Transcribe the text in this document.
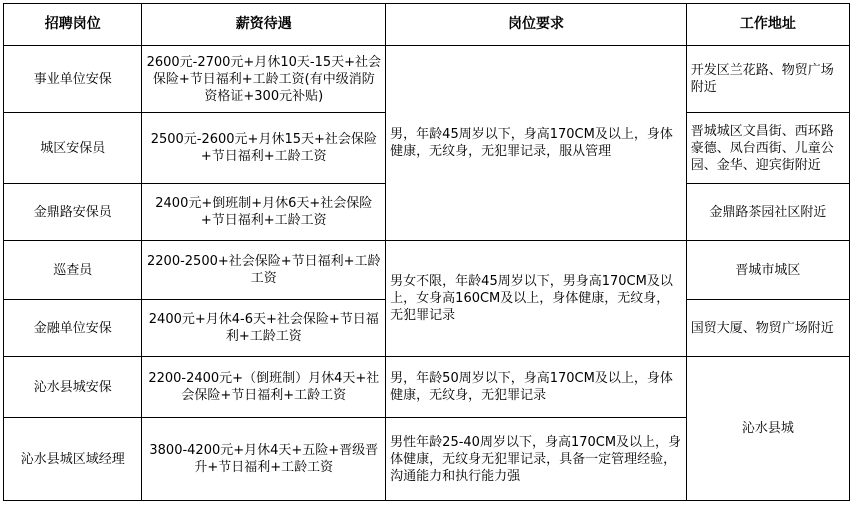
招聘岗位	薪资待遇	岗位要求	工作地址
事业单位安保	2600元-2700元+月休10天-15天+社会保险+节日福利+工龄工资(有中级消防资格证+300元补贴)	男，年龄45周岁以下，身高170CM及以上，身体健康，无纹身，无犯罪记录，服从管理	开发区兰花路、物贸广场附近
城区安保员	2500元-2600元+月休15天+社会保险+节日福利+工龄工资		晋城城区文昌街、西环路豪德、凤台西街、儿童公园、金华、迎宾街附近
金鼎路安保员	2400元+倒班制+月休6天+社会保险+节日福利+工龄工资		金鼎路茶园社区附近
巡查员	2200-2500+社会保险+节日福利+工龄工资	男女不限，年龄45周岁以下，男身高170CM及以上，女身高160CM及以上，身体健康，无纹身，无犯罪记录	晋城市城区
金融单位安保	2400元+月休4-6天+社会保险+节日福利+工龄工资		国贸大厦、物贸广场附近
沁水县城安保	2200-2400元+（倒班制）月休4天+社会保险+节日福利+工龄工资	男，年龄50周岁以下，身高170CM及以上，身体健康，无纹身，无犯罪记录	沁水县城
沁水县城区域经理	3800-4200元+月休4天+五险+晋级晋升+节日福利+工龄工资	男性年龄25-40周岁以下，身高170CM及以上，身体健康，无纹身无犯罪记录，具备一定管理经验，沟通能力和执行能力强	
